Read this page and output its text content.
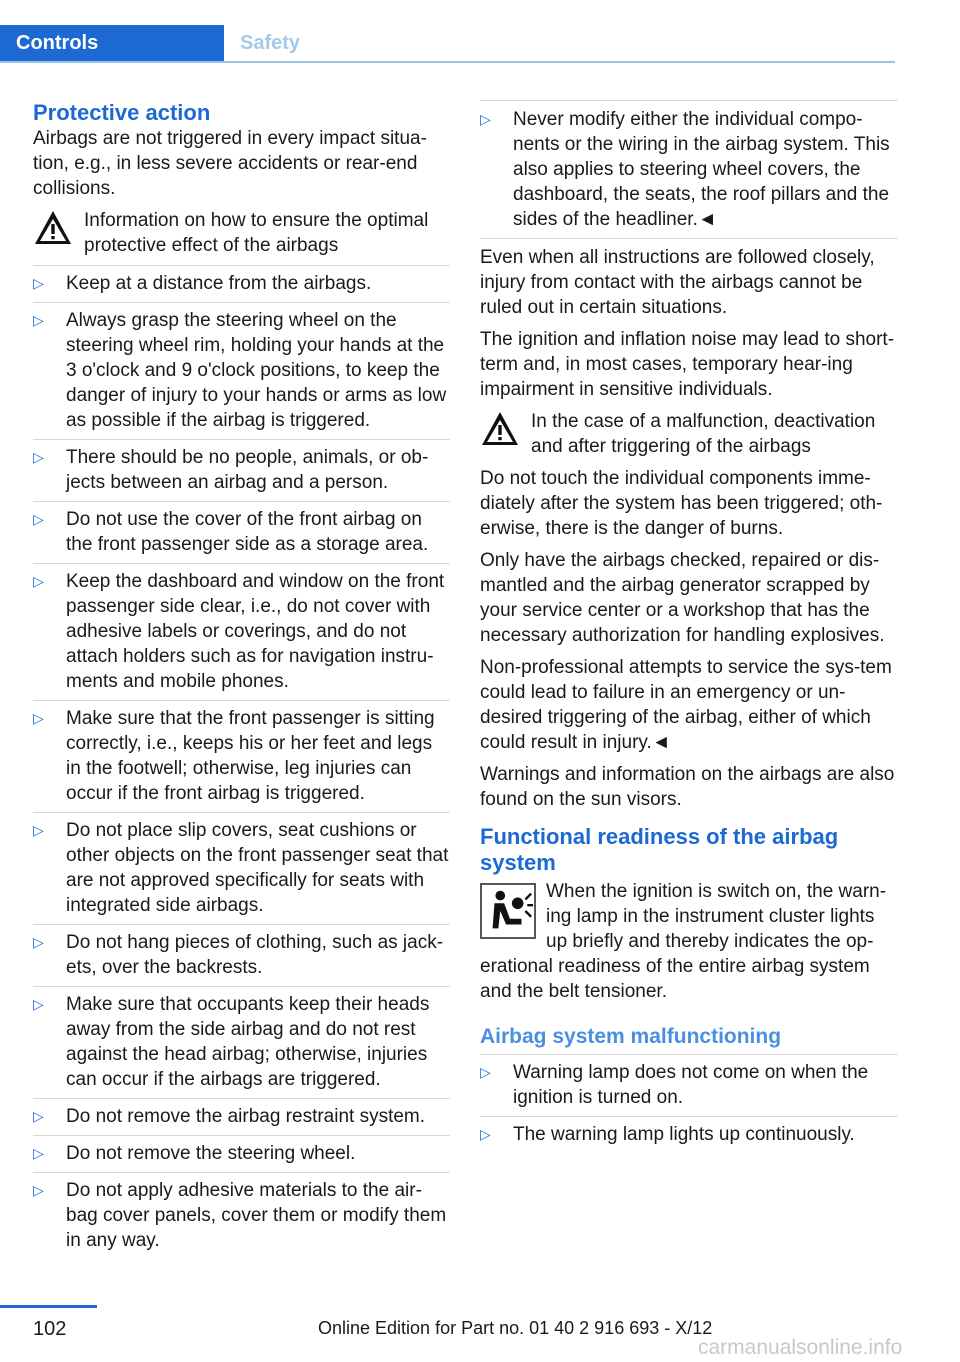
Controls	Safety
Protective action

Airbags are not triggered in every impact situa-tion, e.g., in less severe accidents or rear-end collisions.

Information on how to ensure the optimal protective effect of the airbags
▷	Keep at a distance from the airbags.
▷	Always grasp the steering wheel on the steering wheel rim, holding your hands at the 3 o'clock and 9 o'clock positions, to keep the danger of injury to your hands or arms as low as possible if the airbag is triggered.
▷	There should be no people, animals, or ob-jects between an airbag and a person.
▷	Do not use the cover of the front airbag on the front passenger side as a storage area.
▷	Keep the dashboard and window on the front passenger side clear, i.e., do not cover with adhesive labels or coverings, and do not attach holders such as for navigation instru-ments and mobile phones.
▷	Make sure that the front passenger is sitting correctly, i.e., keeps his or her feet and legs in the footwell; otherwise, leg injuries can occur if the front airbag is triggered.
▷	Do not place slip covers, seat cushions or other objects on the front passenger seat that are not approved specifically for seats with integrated side airbags.
▷	Do not hang pieces of clothing, such as jack-ets, over the backrests.
▷	Make sure that occupants keep their heads away from the side airbag and do not rest against the head airbag; otherwise, injuries can occur if the airbags are triggered.
▷	Do not remove the airbag restraint system.
▷	Do not remove the steering wheel.
▷	Do not apply adhesive materials to the air-bag cover panels, cover them or modify them in any way.
▷	Never modify either the individual compo-nents or the wiring in the airbag system. This also applies to steering wheel covers, the dashboard, the seats, the roof pillars and the sides of the headliner.◄

Even when all instructions are followed closely, injury from contact with the airbags cannot be ruled out in certain situations.

The ignition and inflation noise may lead to short-term and, in most cases, temporary hear-ing impairment in sensitive individuals.

In the case of a malfunction, deactivation and after triggering of the airbags

Do not touch the individual components imme-diately after the system has been triggered; oth-erwise, there is the danger of burns.

Only have the airbags checked, repaired or dis-mantled and the airbag generator scrapped by your service center or a workshop that has the necessary authorization for handling explosives.

Non-professional attempts to service the sys-tem could lead to failure in an emergency or un-desired triggering of the airbag, either of which could result in injury.◄

Warnings and information on the airbags are also found on the sun visors.

Functional readiness of the airbag system
When the ignition is switch on, the warn-ing lamp in the instrument cluster lights up briefly and thereby indicates the op-erational readiness of the entire airbag system and the belt tensioner.
Airbag system malfunctioning
▷	Warning lamp does not come on when the ignition is turned on.
▷	The warning lamp lights up continuously.
102	Online Edition for Part no. 01 40 2 916 693 - X/12
carmanualsonline.info
